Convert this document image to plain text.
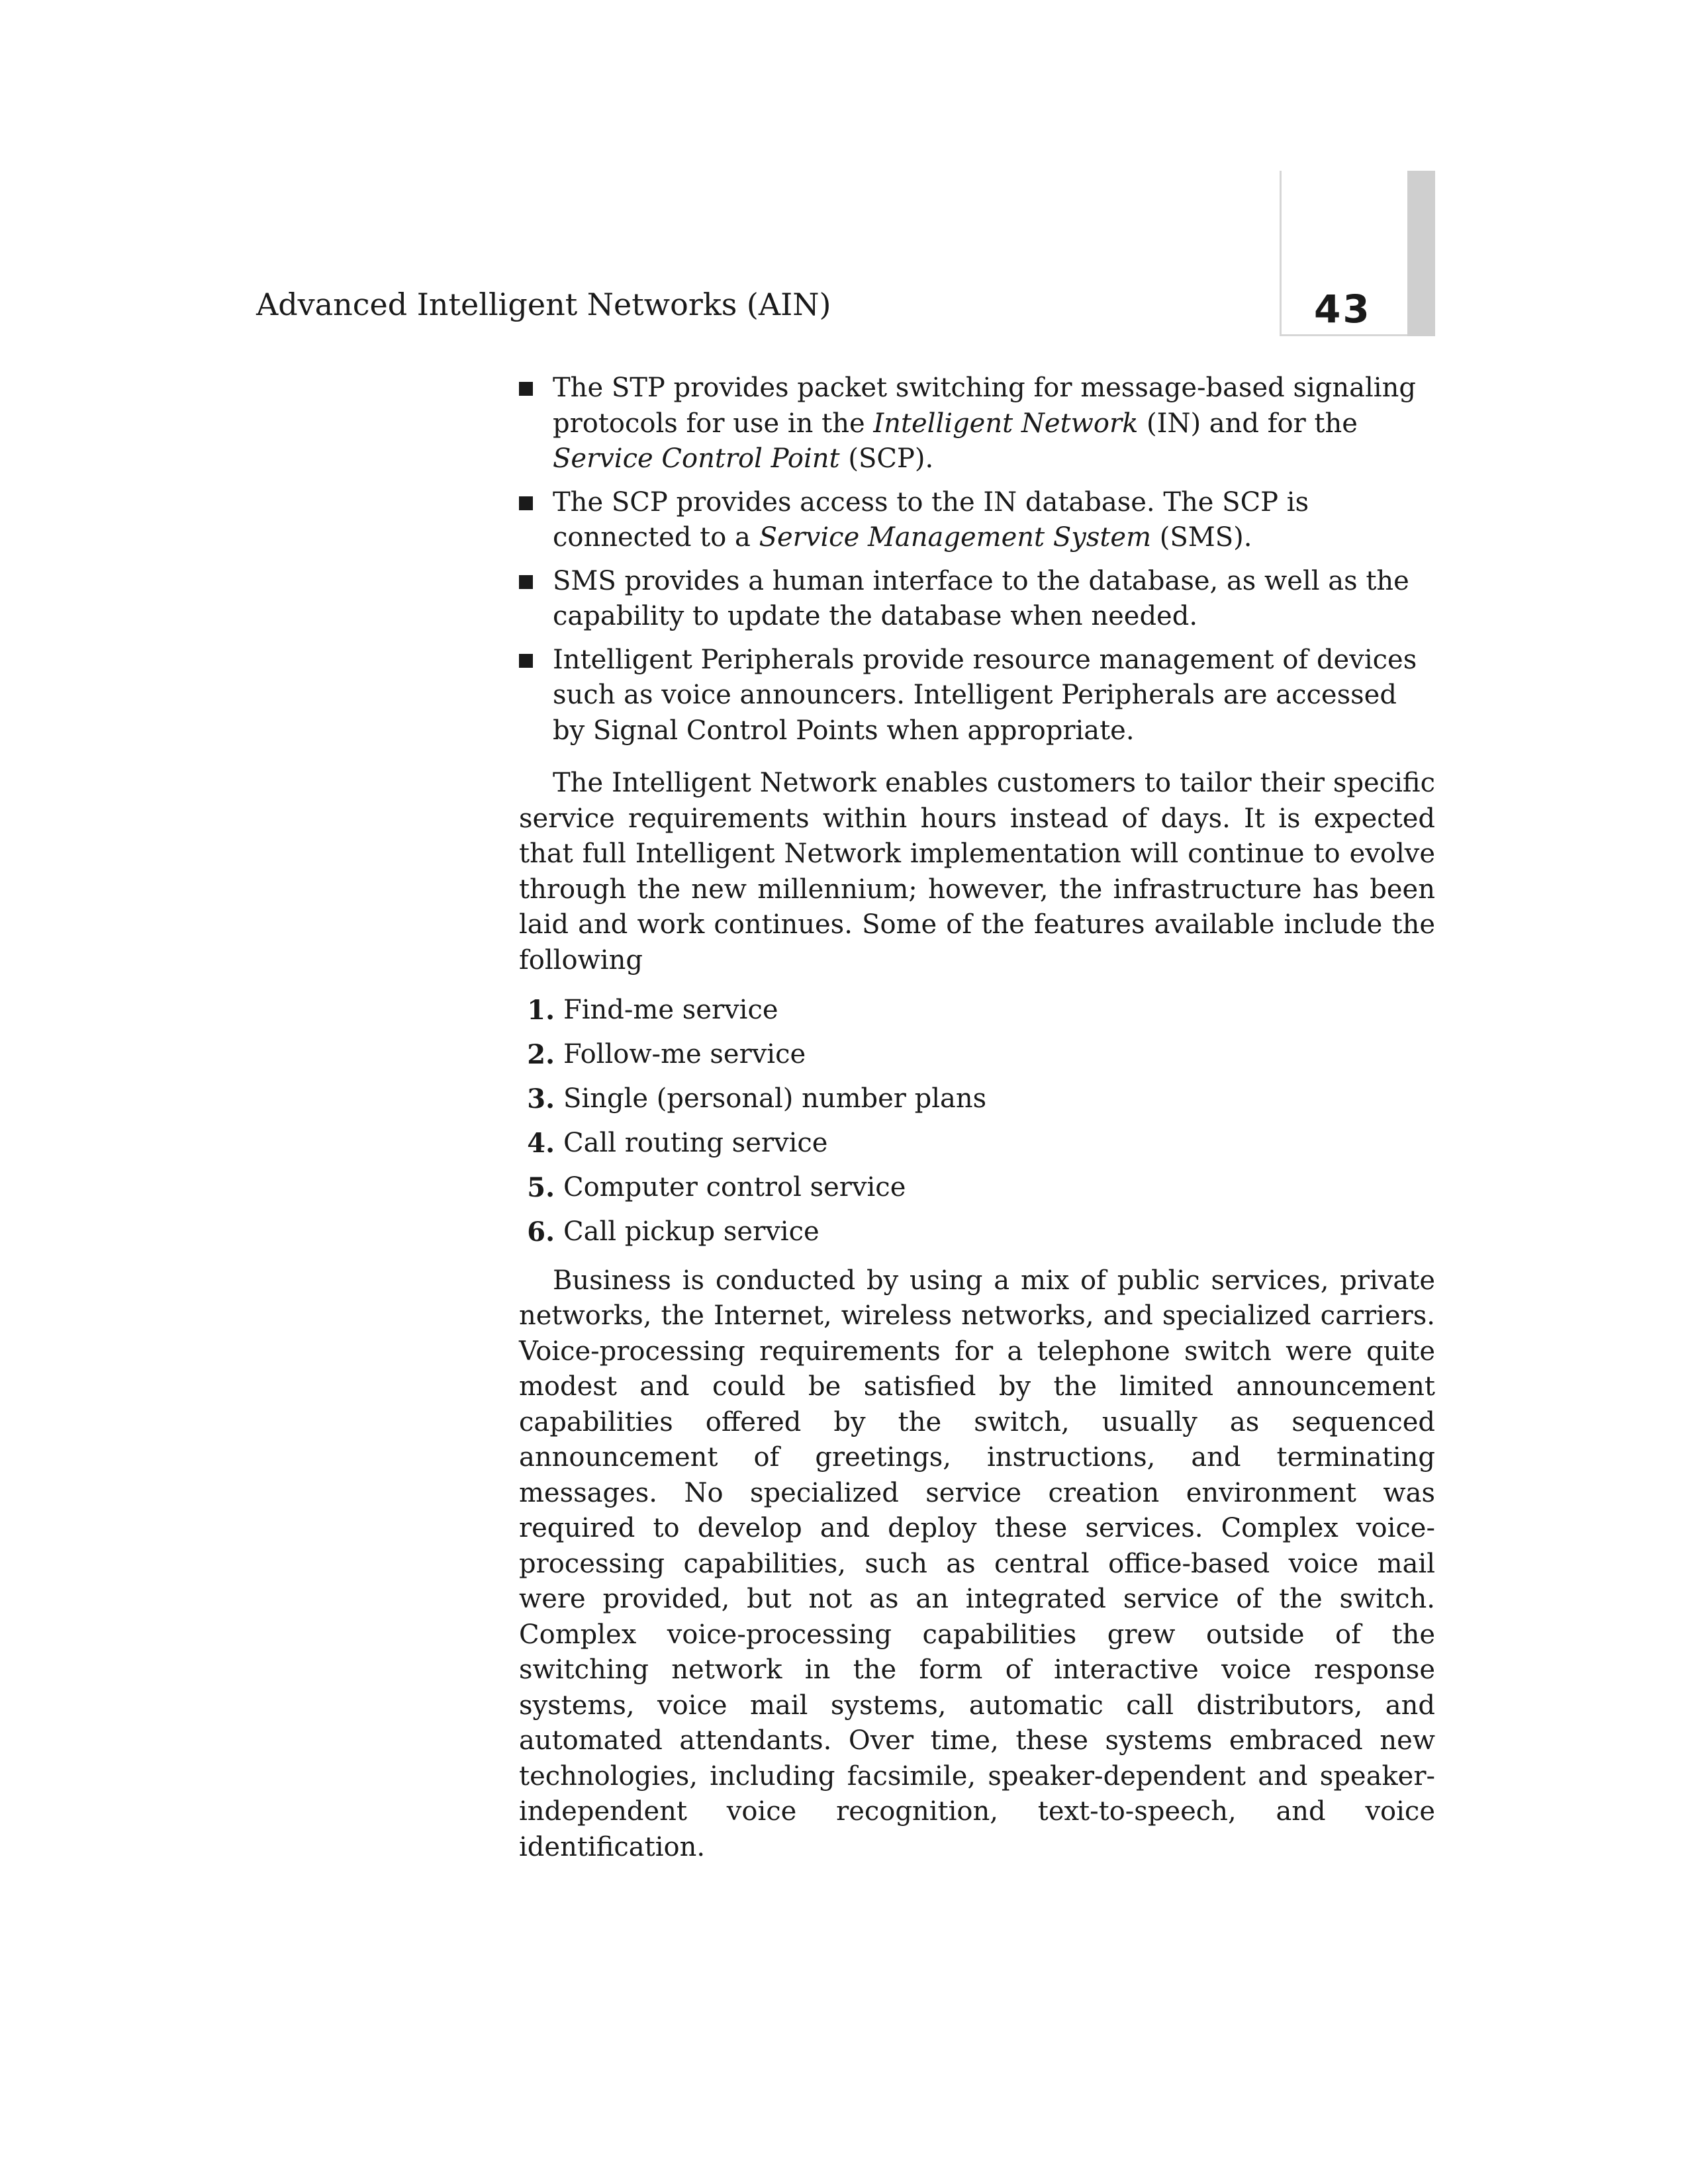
Advanced Intelligent Networks (AIN)	43
The STP provides packet switching for message-based signaling protocols for use in the Intelligent Network (IN) and for the Service Control Point (SCP).
The SCP provides access to the IN database. The SCP is connected to a Service Management System (SMS).
SMS provides a human interface to the database, as well as the capability to update the database when needed.
Intelligent Peripherals provide resource management of devices such as voice announcers. Intelligent Peripherals are accessed by Signal Control Points when appropriate.

The Intelligent Network enables customers to tailor their specific service requirements within hours instead of days. It is expected that full Intelligent Network implementation will continue to evolve through the new millennium; however, the infrastructure has been laid and work continues. Some of the features available include the following

1. Find-me service
2. Follow-me service
3. Single (personal) number plans
4. Call routing service
5. Computer control service
6. Call pickup service

Business is conducted by using a mix of public services, private networks, the Internet, wireless networks, and specialized carriers. Voice-processing requirements for a telephone switch were quite modest and could be satisfied by the limited announcement capabilities offered by the switch, usually as sequenced announcement of greetings, instructions, and terminating messages. No specialized service creation environment was required to develop and deploy these services. Complex voice-processing capabilities, such as central office-based voice mail were provided, but not as an integrated service of the switch. Complex voice-processing capabilities grew outside of the switching network in the form of interactive voice response systems, voice mail systems, automatic call distributors, and automated attendants. Over time, these systems embraced new technologies, including facsimile, speaker-dependent and speaker-independent voice recognition, text-to-speech, and voice identification.
